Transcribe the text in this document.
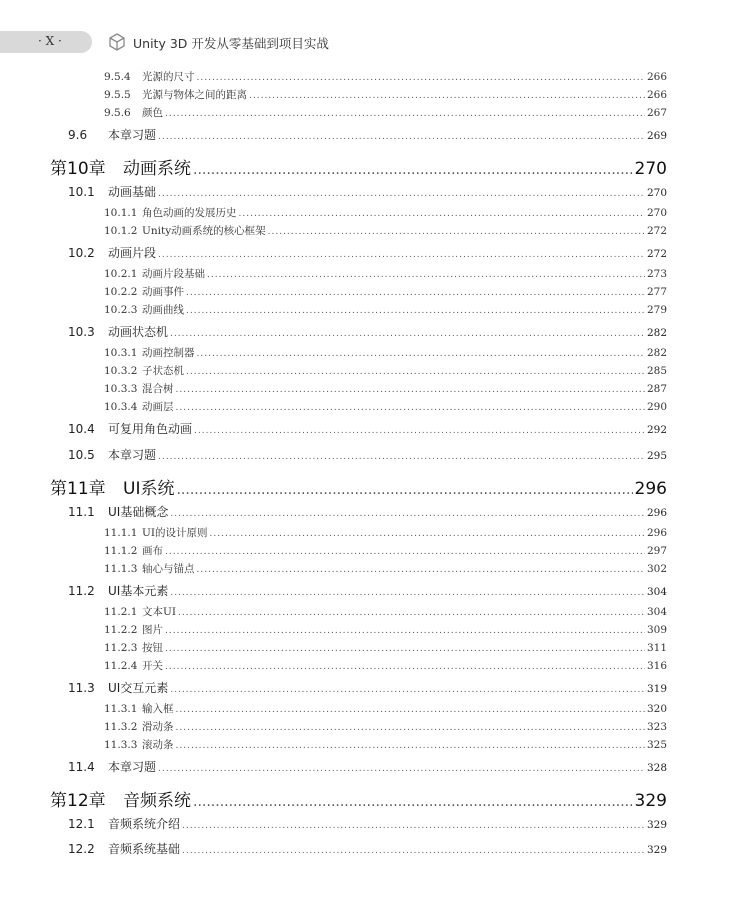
· X ·	Unity 3D 开发从零基础到项目实战
9.5.4	光源的尺寸 .....	266
9.5.5	光源与物体之间的距离 .....	266
9.5.6	颜色 .....	267
9.6	本章习题 .....	269
第10章	动画系统 .....	270
10.1	动画基础 .....	270
10.1.1 角色动画的发展历史 .....	270
10.1.2 Unity动画系统的核心框架 .....	272
10.2	动画片段 .....	272
10.2.1 动画片段基础 .....	273
10.2.2 动画事件 .....	277
10.2.3 动画曲线 .....	279
10.3	动画状态机 .....	282
10.3.1 动画控制器 .....	282
10.3.2 子状态机 .....	285
10.3.3 混合树 .....	287
10.3.4 动画层 .....	290
10.4	可复用角色动画 .....	292
10.5	本章习题 .....	295
第11章	UI系统 .....	296
11.1	UI基础概念 .....	296
11.1.1 UI的设计原则 .....	296
11.1.2 画布 .....	297
11.1.3 轴心与锚点 .....	302
11.2	UI基本元素 .....	304
11.2.1 文本UI .....	304
11.2.2 图片 .....	309
11.2.3 按钮 .....	311
11.2.4 开关 .....	316
11.3	UI交互元素 .....	319
11.3.1 输入框 .....	320
11.3.2 滑动条 .....	323
11.3.3 滚动条 .....	325
11.4	本章习题 .....	328
第12章	音频系统 .....	329
12.1	音频系统介绍 .....	329
12.2	音频系统基础 .....	329
